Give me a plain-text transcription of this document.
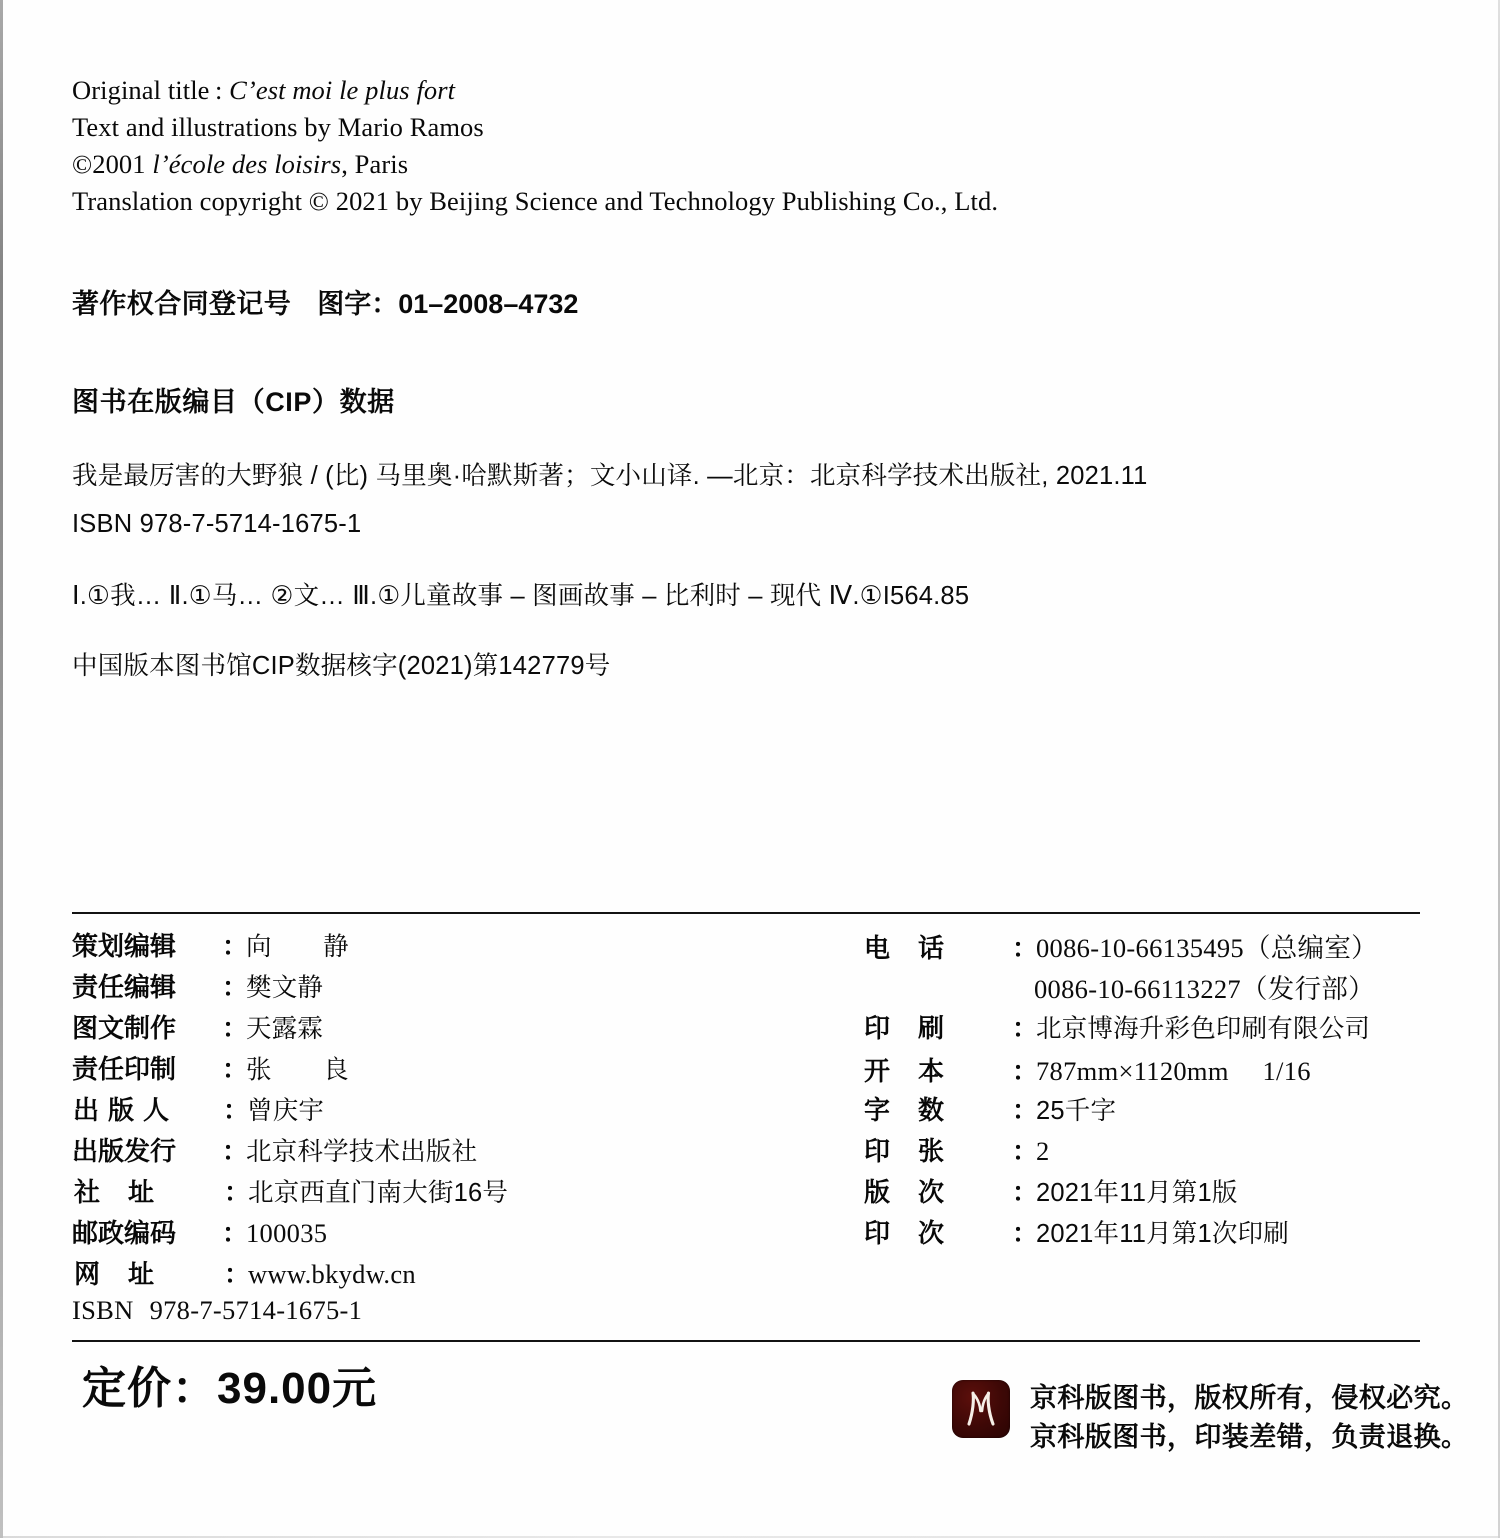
Original title : C’est moi le plus fort
Text and illustrations by Mario Ramos
©2001 l’école des loisirs, Paris
Translation copyright © 2021 by Beijing Science and Technology Publishing Co., Ltd.
著作权合同登记号 图字：01–2008–4732
图书在版编目（CIP）数据
我是最厉害的大野狼 / (比) 马里奥·哈默斯著；文小山译. —北京：北京科学技术出版社, 2021.11
ISBN 978-7-5714-1675-1
Ⅰ.①我… Ⅱ.①马… ②文… Ⅲ.①儿童故事 – 图画故事 – 比利时 – 现代 Ⅳ.①I564.85
中国版本图书馆CIP数据核字(2021)第142779号
策划编辑	：
向　　静
责任编辑	：
樊文静
图文制作	：
天露霖
责任印制	：
张　　良
出版人	：
曾庆宇
出版发行	：
北京科学技术出版社
社址	：
北京西直门南大街16号
邮政编码	：
100035
网址	：
www.bkydw.cn
ISBN 978-7-5714-1675-1
电话	：
0086-10-66135495（总编室）
0086-10-66113227（发行部）
印刷	：
北京博海升彩色印刷有限公司
开本	：
787mm×1120mm　 1/16
字数	：
25千字
印张	：
2
版次	：
2021年11月第1版
印次	：
2021年11月第1次印刷
定价：39.00元	京科版图书，版权所有，侵权必究。
京科版图书，印装差错，负责退换。
